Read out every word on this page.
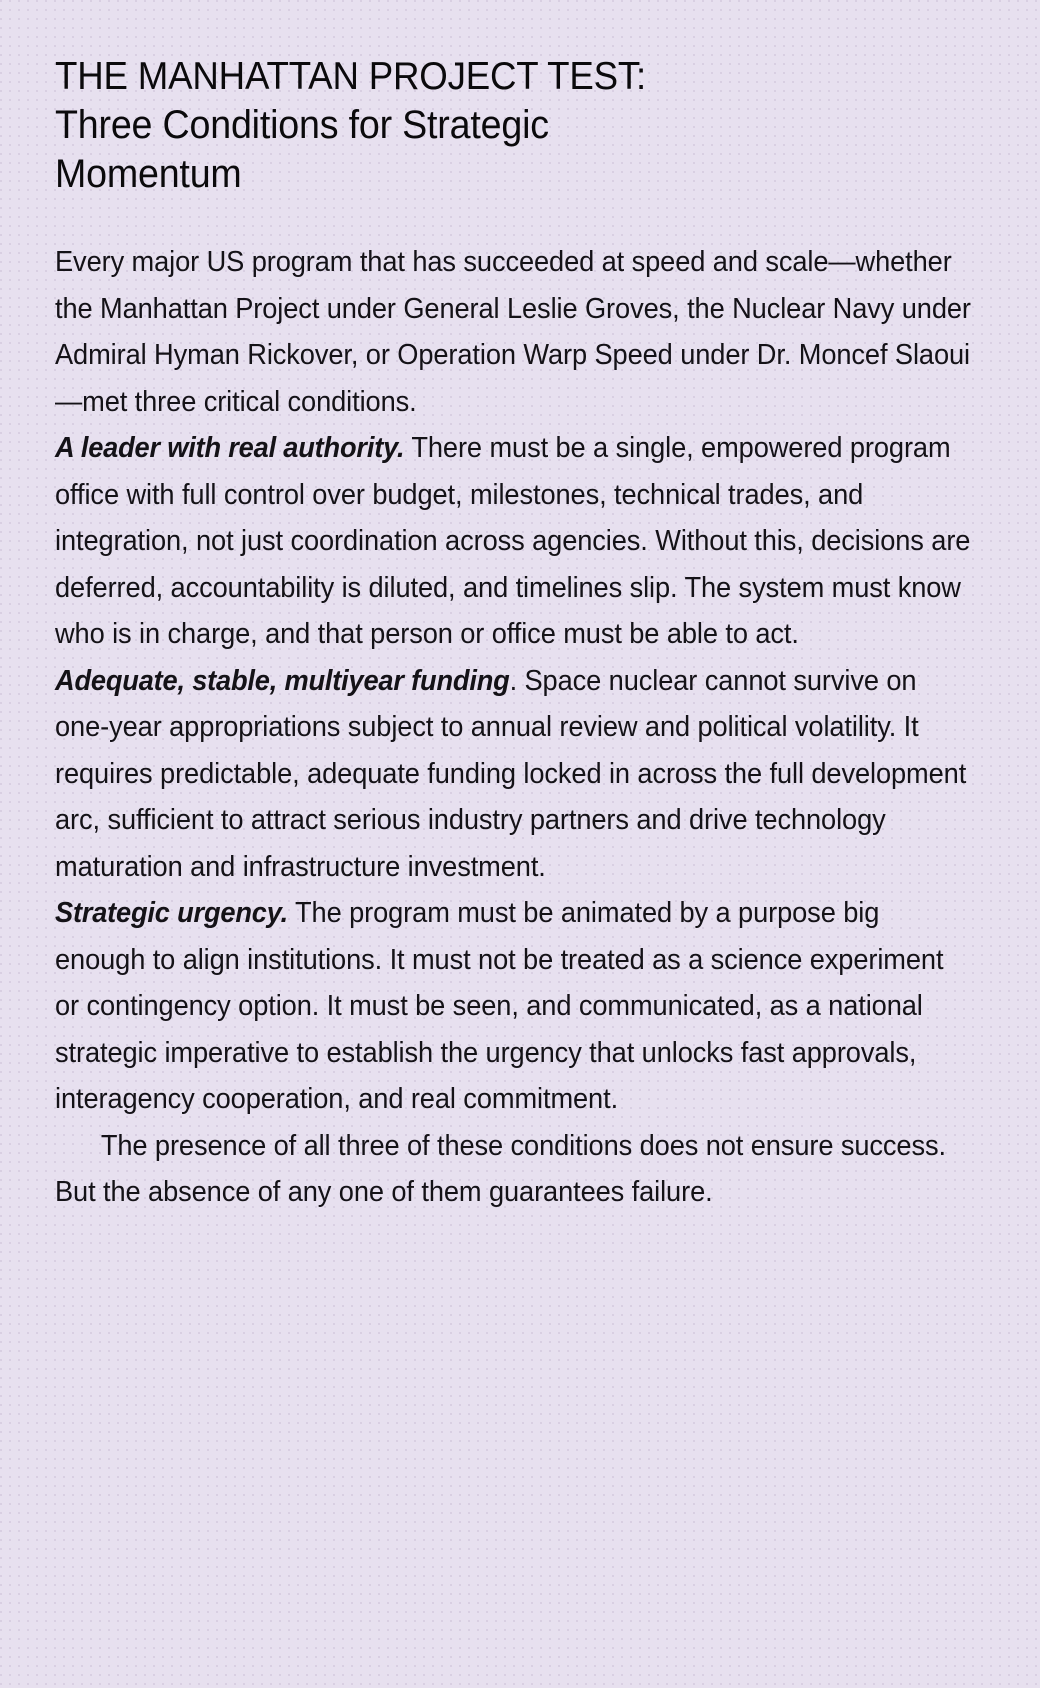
THE MANHATTAN PROJECT TEST:
Three Conditions for Strategic
Momentum

Every major US program that has succeeded at speed and scale—whether the Manhattan Project under General Leslie Groves, the Nuclear Navy under Admiral Hyman Rickover, or Operation Warp Speed under Dr. Moncef Slaoui—met three critical conditions.

A leader with real authority. There must be a single, empowered program office with full control over budget, milestones, technical trades, and integration, not just coordination across agencies. Without this, decisions are deferred, accountability is diluted, and timelines slip. The system must know who is in charge, and that person or office must be able to act.

Adequate, stable, multiyear funding. Space nuclear cannot survive on one-year appropriations subject to annual review and political volatility. It requires predictable, adequate funding locked in across the full development arc, sufficient to attract serious industry partners and drive technology maturation and infrastructure investment.

Strategic urgency. The program must be animated by a purpose big enough to align institutions. It must not be treated as a science experiment or contingency option. It must be seen, and communicated, as a national strategic imperative to establish the urgency that unlocks fast approvals, interagency cooperation, and real commitment.

The presence of all three of these conditions does not ensure success. But the absence of any one of them guarantees failure.
